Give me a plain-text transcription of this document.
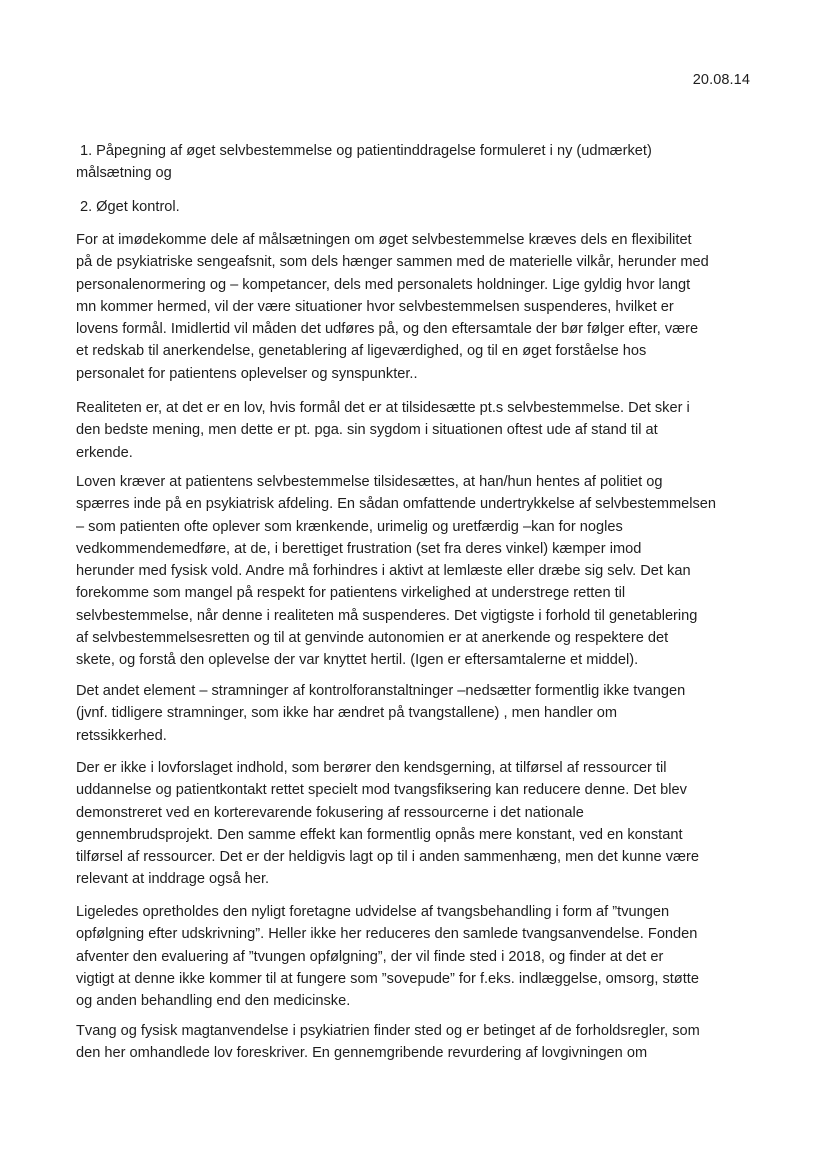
20.08.14
1. Påpegning af øget selvbestemmelse og patientinddragelse formuleret i ny (udmærket)
målsætning og
2. Øget kontrol.
For at imødekomme dele af målsætningen om øget selvbestemmelse kræves dels en flexibilitet
på de psykiatriske sengeafsnit, som dels hænger sammen med de materielle vilkår, herunder med
personalenormering og – kompetancer, dels med personalets holdninger. Lige gyldig hvor langt
mn kommer hermed, vil der være situationer hvor selvbestemmelsen suspenderes, hvilket er
lovens formål. Imidlertid vil måden det udføres på, og den eftersamtale der bør følger efter, være
et redskab til anerkendelse, genetablering af ligeværdighed, og til en øget forståelse hos
personalet for patientens oplevelser og synspunkter..
Realiteten er, at det er en lov, hvis formål det er at tilsidesætte pt.s selvbestemmelse. Det sker i
den bedste mening, men dette er pt. pga. sin sygdom i situationen oftest ude af stand til at
erkende.
Loven kræver at patientens selvbestemmelse tilsidesættes, at han/hun hentes af politiet og
spærres inde på en psykiatrisk afdeling. En sådan omfattende undertrykkelse af selvbestemmelsen
– som patienten ofte oplever som krænkende, urimelig og uretfærdig –kan for nogles
vedkommendemedføre, at de, i berettiget frustration (set fra deres vinkel) kæmper imod
herunder med fysisk vold. Andre må forhindres i aktivt at lemlæste eller dræbe sig selv. Det kan
forekomme som mangel på respekt for patientens virkelighed at understrege retten til
selvbestemmelse, når denne i realiteten må suspenderes. Det vigtigste i forhold til genetablering
af selvbestemmelsesretten og til at genvinde autonomien er at anerkende og respektere det
skete, og forstå den oplevelse der var knyttet hertil. (Igen er eftersamtalerne et middel).
Det andet element – stramninger af kontrolforanstaltninger –nedsætter formentlig ikke tvangen
(jvnf. tidligere stramninger, som ikke har ændret på tvangstallene) , men handler om
retssikkerhed.
Der er ikke i lovforslaget indhold, som berører den kendsgerning, at tilførsel af ressourcer til
uddannelse og patientkontakt rettet specielt mod tvangsfiksering kan reducere denne. Det blev
demonstreret ved en korterevarende fokusering af ressourcerne i det nationale
gennembrudsprojekt. Den samme effekt kan formentlig opnås mere konstant, ved en konstant
tilførsel af ressourcer. Det er der heldigvis lagt op til i anden sammenhæng, men det kunne være
relevant at inddrage også her.
Ligeledes opretholdes den nyligt foretagne udvidelse af tvangsbehandling i form af ”tvungen
opfølgning efter udskrivning”. Heller ikke her reduceres den samlede tvangsanvendelse. Fonden
afventer den evaluering af ”tvungen opfølgning”, der vil finde sted i 2018, og finder at det er
vigtigt at denne ikke kommer til at fungere som ”sovepude” for f.eks. indlæggelse, omsorg, støtte
og anden behandling end den medicinske.
Tvang og fysisk magtanvendelse i psykiatrien finder sted og er betinget af de forholdsregler, som
den her omhandlede lov foreskriver. En gennemgribende revurdering af lovgivningen om
